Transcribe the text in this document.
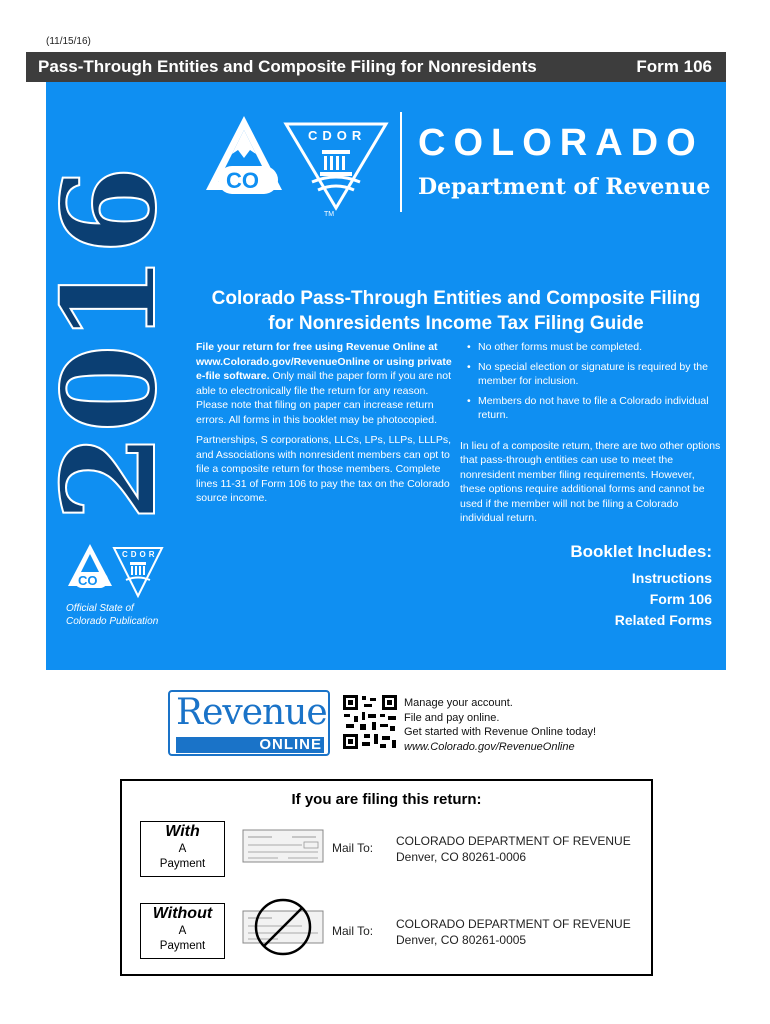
(11/15/16)
Pass-Through Entities and Composite Filing for Nonresidents	Form 106
2016 CO
CDOR
TM
COLORADO
Department of Revenue
Colorado Pass-Through Entities and Composite Filing
for Nonresidents Income Tax Filing Guide

File your return for free using Revenue Online at www.Colorado.gov/RevenueOnline or using private e-file software. Only mail the paper form if you are not able to electronically file the return for any reason. Please note that filing on paper can increase return errors. All forms in this booklet may be photocopied.

Partnerships, S corporations, LLCs, LPs, LLPs, LLLPs, and Associations with nonresident members can opt to file a composite return for those members. Complete lines 11-31 of Form 106 to pay the tax on the Colorado source income.

• No other forms must be completed.
• No special election or signature is required by the member for inclusion.
• Members do not have to file a Colorado individual return.

In lieu of a composite return, there are two other options that pass-through entities can use to meet the nonresident member filing requirements. However, these options require additional forms and cannot be used if the member will not be filing a Colorado individual return.

CO
CDOR
Official State of
Colorado Publication
Booklet Includes:
Instructions
Form 106
Related Forms
Revenue
ONLINE
Manage your account.
File and pay online.
Get started with Revenue Online today!
www.Colorado.gov/RevenueOnline
If you are filing this return:
With
A
Payment
Mail To: COLORADO DEPARTMENT OF REVENUE
Denver, CO 80261-0006
Without
A
Payment
Mail To: COLORADO DEPARTMENT OF REVENUE
Denver, CO 80261-0005
